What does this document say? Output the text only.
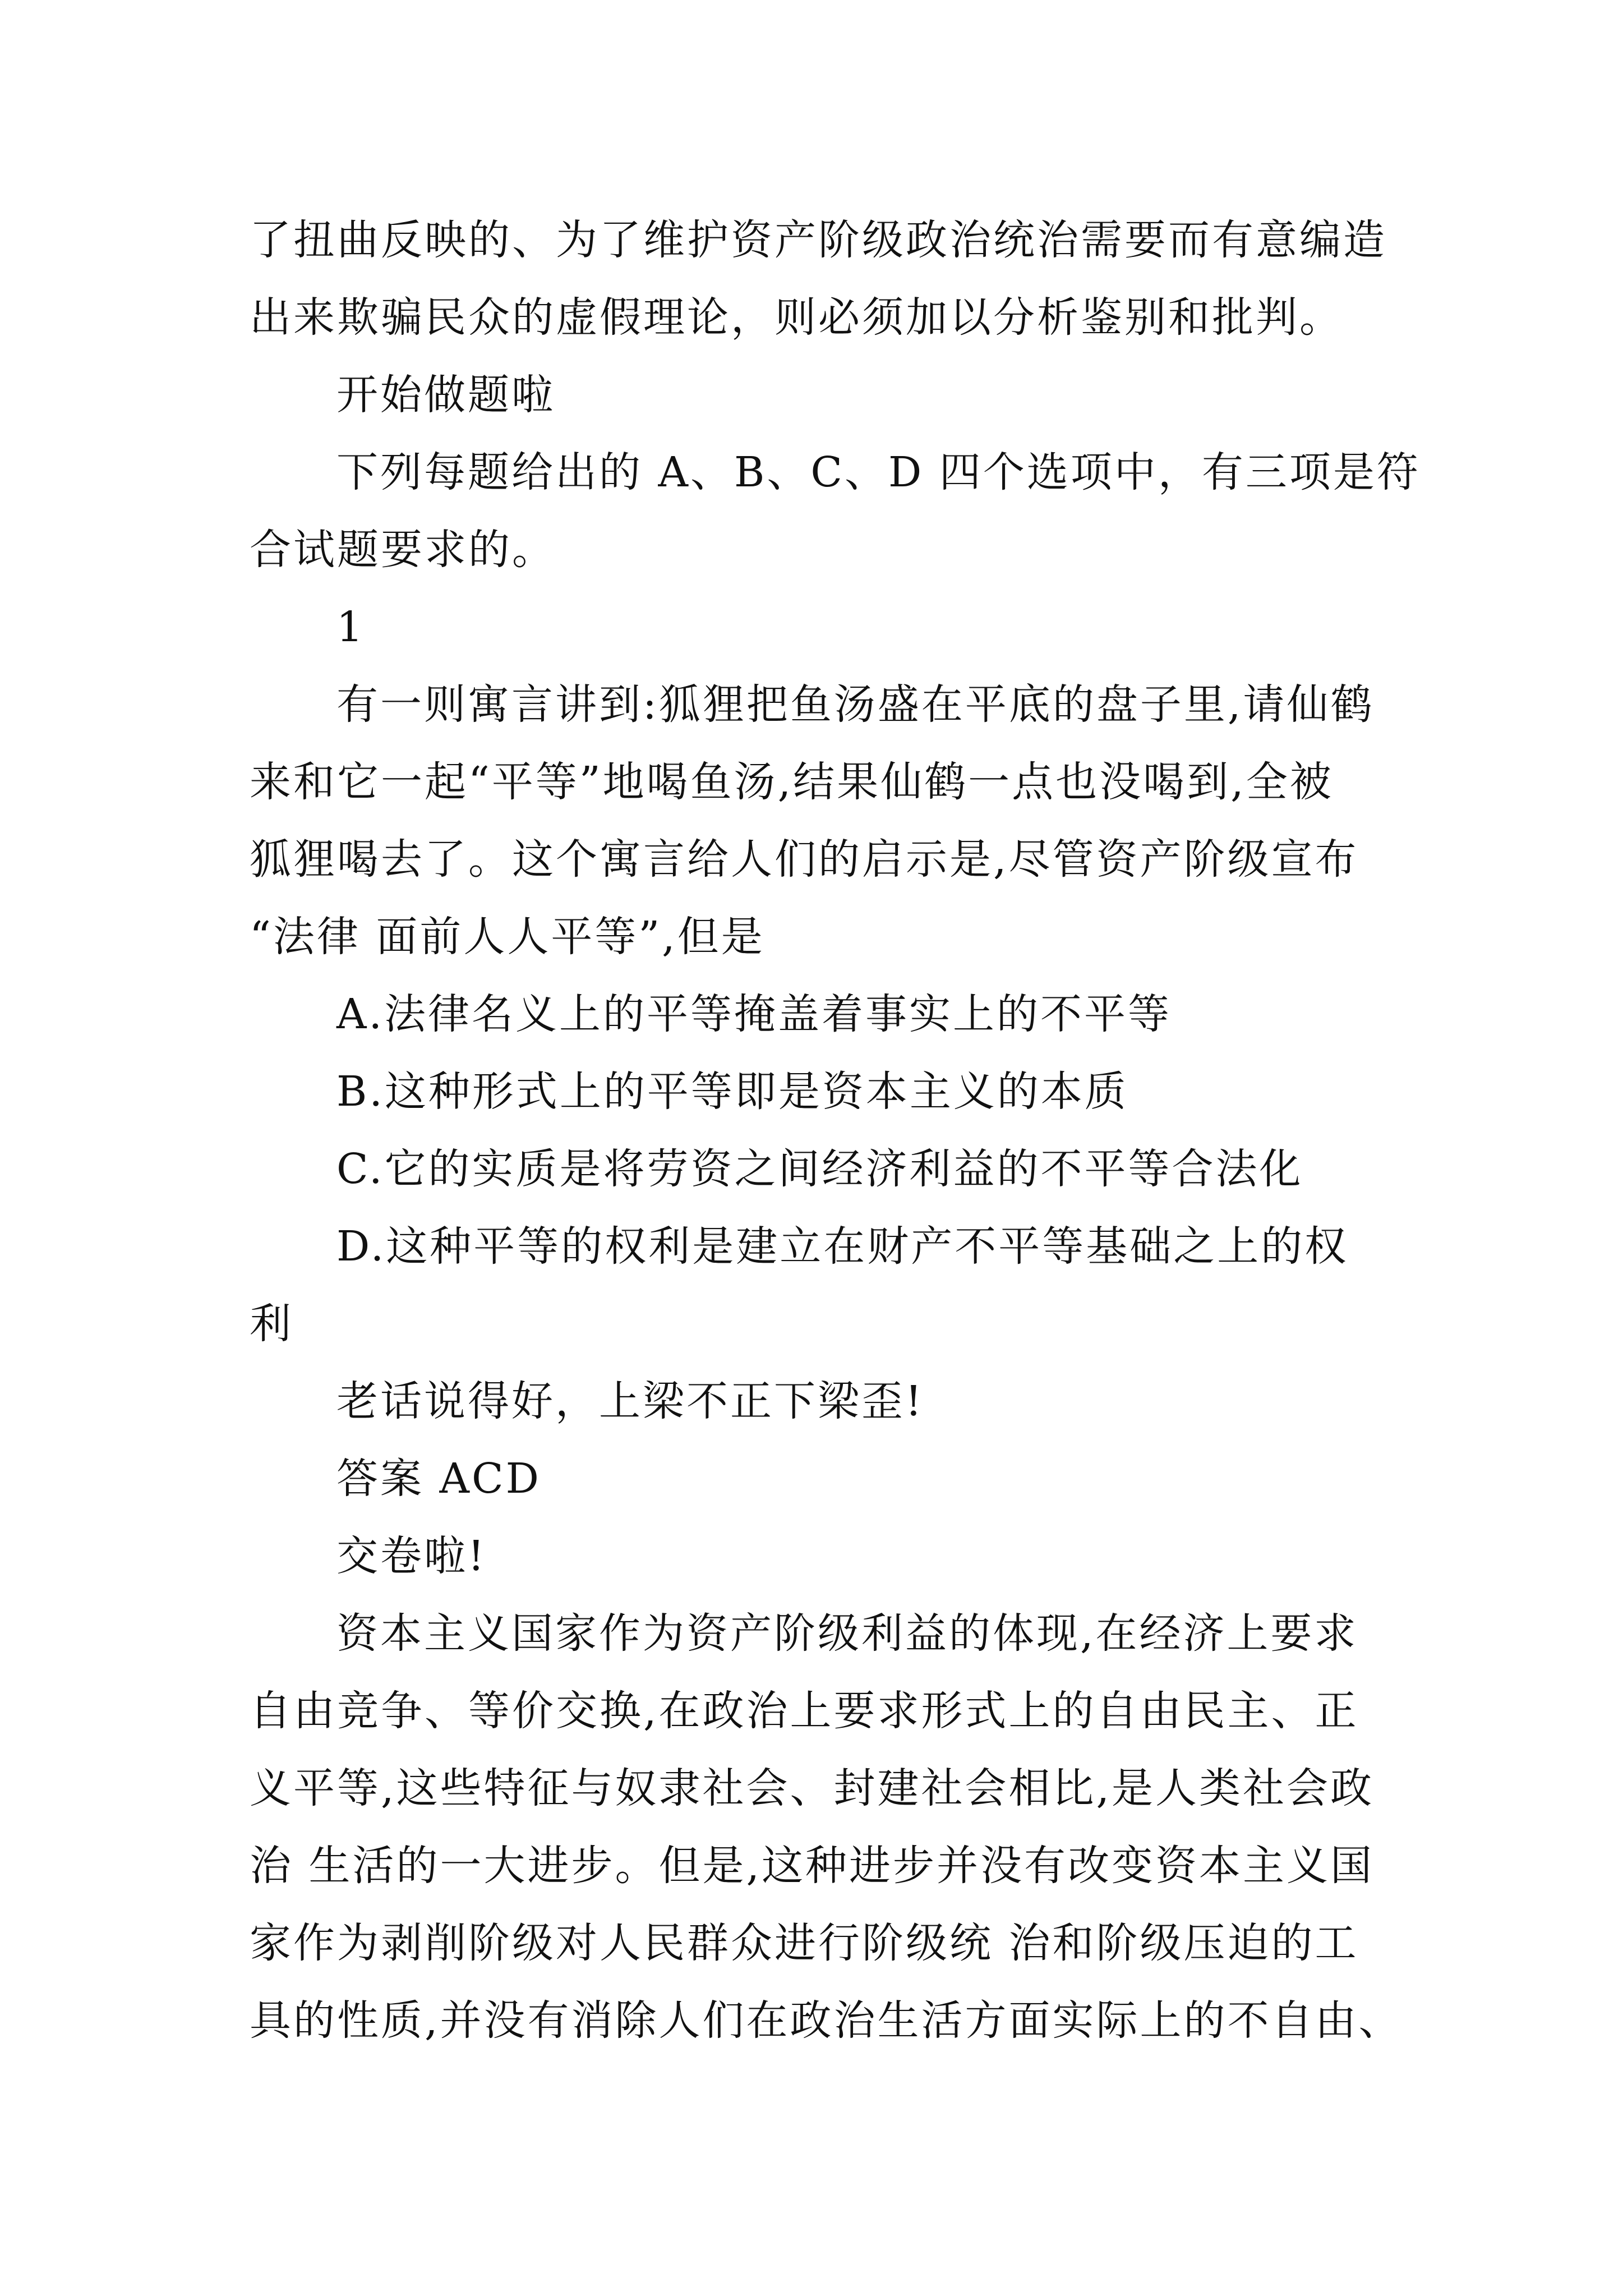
了扭曲反映的、为了维护资产阶级政治统治需要而有意编造
出来欺骗民众的虚假理论，则必须加以分析鉴别和批判。
开始做题啦
下列每题给出的 A、B、C、D 四个选项中，有三项是符
合试题要求的。
1
有一则寓言讲到:狐狸把鱼汤盛在平底的盘子里,请仙鹤
来和它一起“平等”地喝鱼汤,结果仙鹤一点也没喝到,全被
狐狸喝去了。这个寓言给人们的启示是,尽管资产阶级宣布
“法律 面前人人平等”,但是
A.法律名义上的平等掩盖着事实上的不平等
B.这种形式上的平等即是资本主义的本质
C.它的实质是将劳资之间经济利益的不平等合法化
D.这种平等的权利是建立在财产不平等基础之上的权
利
老话说得好，上梁不正下梁歪!
答案 ACD
交卷啦!
资本主义国家作为资产阶级利益的体现,在经济上要求
自由竞争、等价交换,在政治上要求形式上的自由民主、正
义平等,这些特征与奴隶社会、封建社会相比,是人类社会政
治 生活的一大进步。但是,这种进步并没有改变资本主义国
家作为剥削阶级对人民群众进行阶级统 治和阶级压迫的工
具的性质,并没有消除人们在政治生活方面实际上的不自由、
